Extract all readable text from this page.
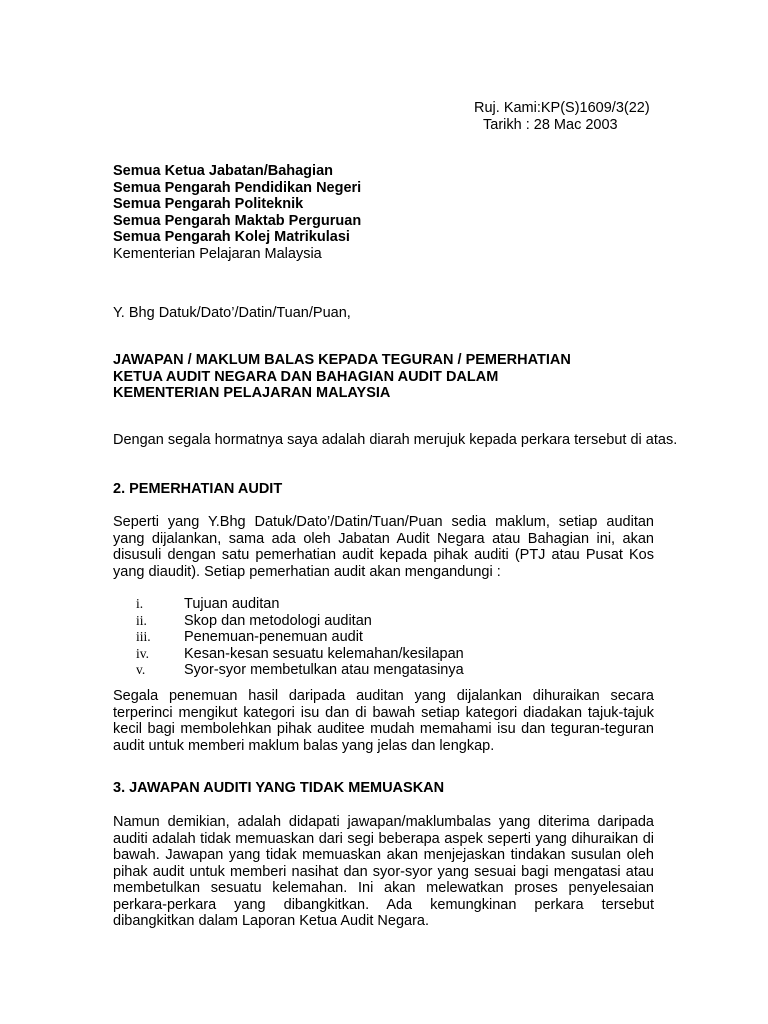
Ruj. Kami:KP(S)1609/3(22)
Tarikh : 28 Mac 2003
Semua Ketua Jabatan/Bahagian
Semua Pengarah Pendidikan Negeri
Semua Pengarah Politeknik
Semua Pengarah Maktab Perguruan
Semua Pengarah Kolej Matrikulasi
Kementerian Pelajaran Malaysia
Y. Bhg Datuk/Dato’/Datin/Tuan/Puan,
JAWAPAN / MAKLUM BALAS KEPADA TEGURAN / PEMERHATIAN
KETUA AUDIT NEGARA DAN BAHAGIAN AUDIT DALAM
KEMENTERIAN PELAJARAN MALAYSIA
Dengan segala hormatnya saya adalah diarah merujuk kepada perkara tersebut di atas.
2. PEMERHATIAN AUDIT
Seperti yang Y.Bhg Datuk/Dato’/Datin/Tuan/Puan sedia maklum, setiap auditan yang dijalankan, sama ada oleh Jabatan Audit Negara atau Bahagian ini, akan disusuli dengan satu pemerhatian audit kepada pihak auditi (PTJ atau Pusat Kos yang diaudit). Setiap pemerhatian audit akan mengandungi :
i.	Tujuan auditan
ii.	Skop dan metodologi auditan
iii.	Penemuan-penemuan audit
iv.	Kesan-kesan sesuatu kelemahan/kesilapan
v.	Syor-syor membetulkan atau mengatasinya
Segala penemuan hasil daripada auditan yang dijalankan dihuraikan secara terperinci mengikut kategori isu dan di bawah setiap kategori diadakan tajuk-tajuk kecil bagi membolehkan pihak auditee mudah memahami isu dan teguran-teguran audit untuk memberi maklum balas yang jelas dan lengkap.
3. JAWAPAN AUDITI YANG TIDAK MEMUASKAN
Namun demikian, adalah didapati jawapan/maklumbalas yang diterima daripada auditi adalah tidak memuaskan dari segi beberapa aspek seperti yang dihuraikan di bawah. Jawapan yang tidak memuaskan akan menjejaskan tindakan susulan oleh pihak audit untuk memberi nasihat dan syor-syor yang sesuai bagi mengatasi atau membetulkan sesuatu kelemahan. Ini akan melewatkan proses penyelesaian perkara-perkara yang dibangkitkan. Ada kemungkinan perkara tersebut dibangkitkan dalam Laporan Ketua Audit Negara.
